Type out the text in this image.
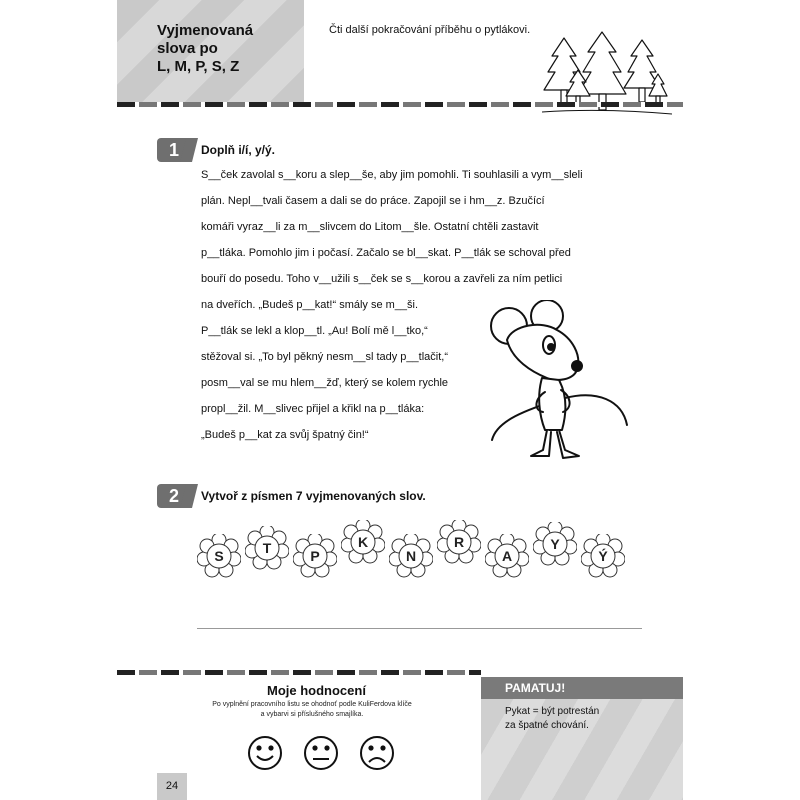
Vyjmenovaná
slova po
L, M, P, S, Z
Čti další pokračování příběhu o pytlákovi.
1	Doplň i/í, y/ý.
S__ček zavolal s__koru a slep__še, aby jim pomohli. Ti souhlasili a vym__sleli
plán. Nepl__tvali časem a dali se do práce. Zapojil se i hm__z. Bzučící
komáři vyraz__li za m__slivcem do Litom__šle. Ostatní chtěli zastavit
p__tláka. Pomohlo jim i počasí. Začalo se bl__skat. P__tlák se schoval před
bouří do posedu. Toho v__užili s__ček se s__korou a zavřeli za ním petlici
na dveřích. „Budeš p__kat!“ smály se m__ši.
P__tlák se lekl a klop__tl. „Au! Bolí mě l__tko,“
stěžoval si. „To byl pěkný nesm__sl tady p__tlačit,“
posm__val se mu hlem__žď, který se kolem rychle
propl__žil. M__slivec přijel a křikl na p__tláka:
„Budeš p__kat za svůj špatný čin!“
2	Vytvoř z písmen 7 vyjmenovaných slov.
S	T	P
K
N
R
A
Y
Ý
Moje hodnocení
Po vyplnění pracovního listu se ohodnoť podle KuliFerdova klíče
a vybarvi si příslušného smajlíka.
PAMATUJ!
Pykat = být potrestán
za špatné chování.
24
